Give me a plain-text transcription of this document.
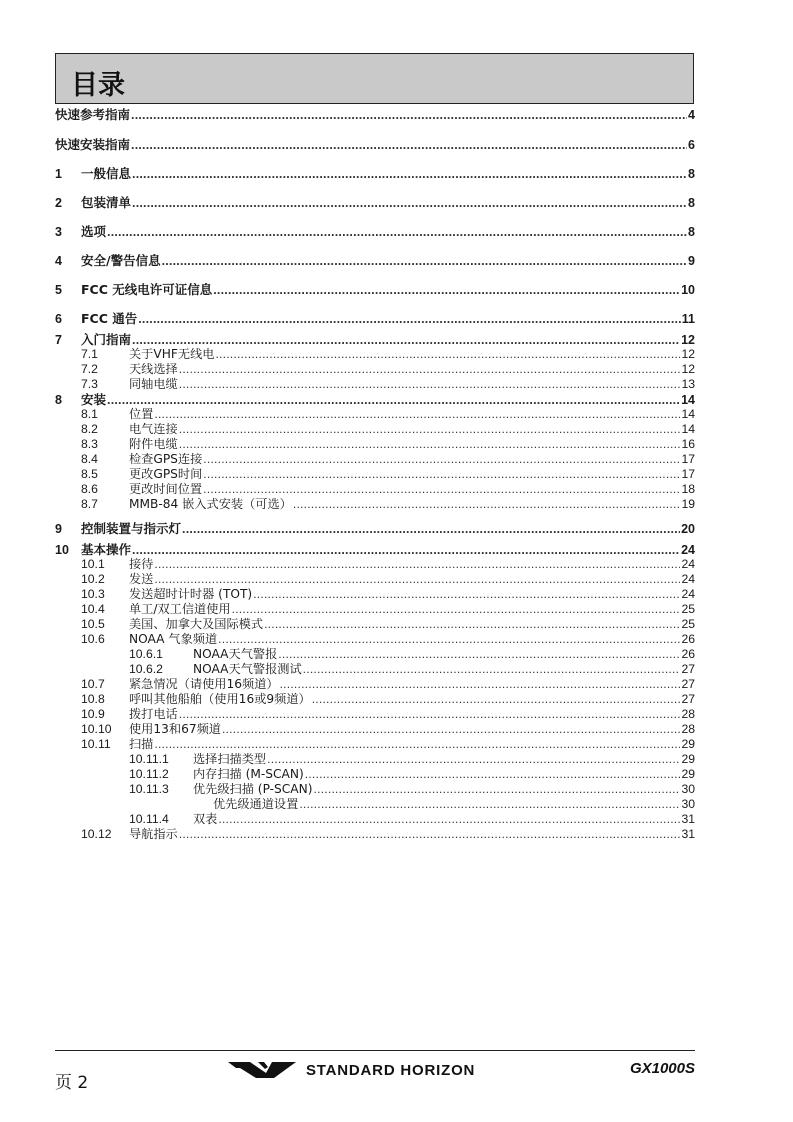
目录
快速参考指南 .....	4
快速安装指南 .....	6
1	一般信息 .....	8
2	包装清单 .....	8
3	选项 .....	8
4	安全/警告信息 .....	9
5	FCC 无线电许可证信息 .....	10
6	FCC 通告 .....	11
7	入门指南 .....	12
7.1	关于VHF无线电 .....	12
7.2	天线选择 .....	12
7.3	同轴电缆 .....	13
8	安装 .....	14
8.1	位置 .....	14
8.2	电气连接 .....	14
8.3	附件电缆 .....	16
8.4	检查GPS连接 .....	17
8.5	更改GPS时间 .....	17
8.6	更改时间位置 .....	18
8.7	MMB-84 嵌入式安装（可选） .....	19
9	控制装置与指示灯 .....	20
10 基本操作 .....	24
10.1	接待 .....	24
10.2	发送 .....	24
10.3	发送超时计时器 (TOT) .....	24
10.4	单工/双工信道使用 .....	25
10.5	美国、加拿大及国际模式 .....	25
10.6	NOAA 气象频道 .....	26
10.6.1	NOAA天气警报 .....	26
10.6.2	NOAA天气警报测试 .....	27
10.7	紧急情况（请使用16频道） .....	27
10.8	呼叫其他船舶（使用16或9频道） .....	27
10.9	拨打电话 .....	28
10.10	使用13和67频道 .....	28
10.11	扫描 .....	29
10.11.1	选择扫描类型 .....	29
10.11.2	内存扫描 (M-SCAN) .....	29
10.11.3	优先级扫描 (P-SCAN) .....	30
优先级通道设置 .....	30
10.11.4	双表 .....	31
10.12	导航指示 .....	31
页 2
STANDARD HORIZON	GX1000S
